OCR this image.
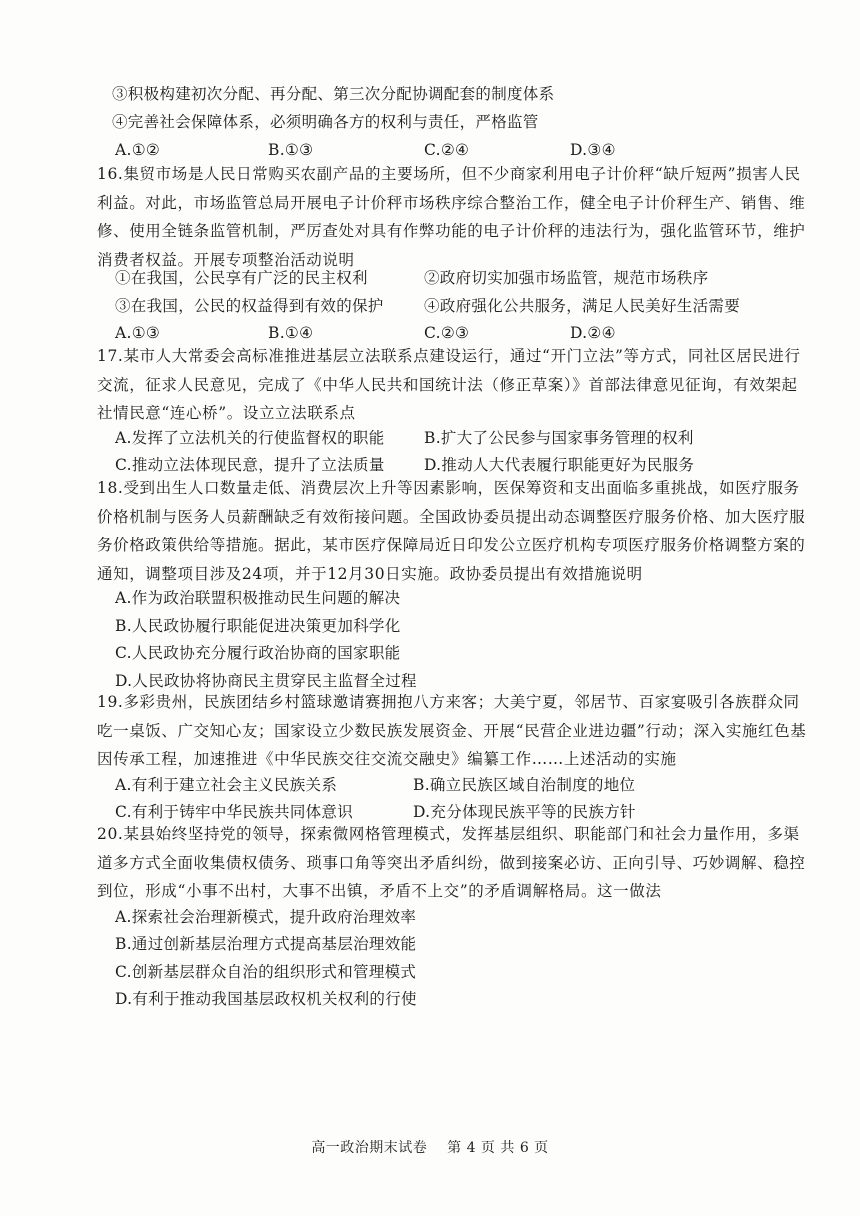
③积极构建初次分配、再分配、第三次分配协调配套的制度体系
④完善社会保障体系，必须明确各方的权利与责任，严格监管
A.①②	B.①③	C.②④	D.③④
16.集贸市场是人民日常购买农副产品的主要场所，但不少商家利用电子计价秤“缺斤短两”损害人民利益。对此，市场监管总局开展电子计价秤市场秩序综合整治工作，健全电子计价秤生产、销售、维修、使用全链条监管机制，严厉查处对具有作弊功能的电子计价秤的违法行为，强化监管环节，维护消费者权益。开展专项整治活动说明
①在我国，公民享有广泛的民主权利	②政府切实加强市场监管，规范市场秩序
③在我国，公民的权益得到有效的保护	④政府强化公共服务，满足人民美好生活需要
A.①③	B.①④	C.②③	D.②④
17.某市人大常委会高标准推进基层立法联系点建设运行，通过“开门立法”等方式，同社区居民进行交流，征求人民意见，完成了《中华人民共和国统计法（修正草案）》首部法律意见征询，有效架起社情民意“连心桥”。设立立法联系点
A.发挥了立法机关的行使监督权的职能	B.扩大了公民参与国家事务管理的权利
C.推动立法体现民意，提升了立法质量	D.推动人大代表履行职能更好为民服务
18.受到出生人口数量走低、消费层次上升等因素影响，医保筹资和支出面临多重挑战，如医疗服务价格机制与医务人员薪酬缺乏有效衔接问题。全国政协委员提出动态调整医疗服务价格、加大医疗服务价格政策供给等措施。据此，某市医疗保障局近日印发公立医疗机构专项医疗服务价格调整方案的通知，调整项目涉及24项，并于12月30日实施。政协委员提出有效措施说明
A.作为政治联盟积极推动民生问题的解决
B.人民政协履行职能促进决策更加科学化
C.人民政协充分履行政治协商的国家职能
D.人民政协将协商民主贯穿民主监督全过程
19.多彩贵州，民族团结乡村篮球邀请赛拥抱八方来客；大美宁夏，邻居节、百家宴吸引各族群众同吃一桌饭、广交知心友；国家设立少数民族发展资金、开展“民营企业进边疆”行动；深入实施红色基因传承工程，加速推进《中华民族交往交流交融史》编纂工作……上述活动的实施
A.有利于建立社会主义民族关系	B.确立民族区域自治制度的地位
C.有利于铸牢中华民族共同体意识	D.充分体现民族平等的民族方针
20.某县始终坚持党的领导，探索微网格管理模式，发挥基层组织、职能部门和社会力量作用，多渠道多方式全面收集债权债务、琐事口角等突出矛盾纠纷，做到接案必访、正向引导、巧妙调解、稳控到位，形成“小事不出村，大事不出镇，矛盾不上交”的矛盾调解格局。这一做法
A.探索社会治理新模式，提升政府治理效率
B.通过创新基层治理方式提高基层治理效能
C.创新基层群众自治的组织形式和管理模式
D.有利于推动我国基层政权机关权利的行使
高一政治期末试卷    第 4 页 共 6 页
